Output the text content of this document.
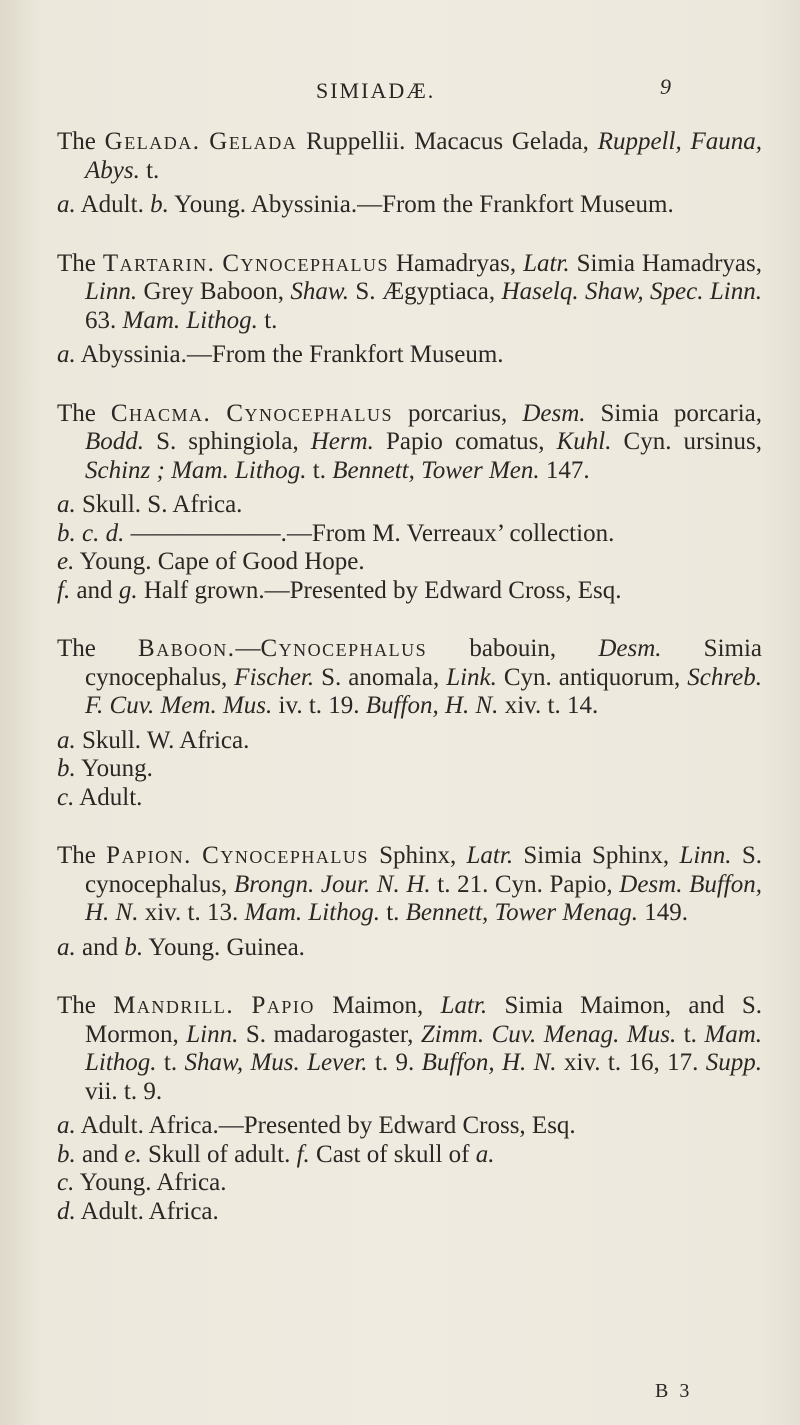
SIMIADÆ.	9

The Gelada. Gelada Ruppellii. Macacus Gelada, Ruppell, Fauna, Abys. t.

a. Adult. b. Young. Abyssinia.—From the Frankfort Museum.

The Tartarin. Cynocephalus Hamadryas, Latr. Simia Hamadryas, Linn. Grey Baboon, Shaw. S. Ægyptiaca, Haselq. Shaw, Spec. Linn. 63. Mam. Lithog. t.

a. Abyssinia.—From the Frankfort Museum.

The Chacma. Cynocephalus porcarius, Desm. Simia porcaria, Bodd. S. sphingiola, Herm. Papio comatus, Kuhl. Cyn. ursinus, Schinz ; Mam. Lithog. t. Bennett, Tower Men. 147.

a. Skull. S. Africa.

b. c. d. ——————.—From M. Verreaux’ collection.

e. Young. Cape of Good Hope.

f. and g. Half grown.—Presented by Edward Cross, Esq.

The Baboon.—Cynocephalus babouin, Desm. Simia cynocephalus, Fischer. S. anomala, Link. Cyn. antiquorum, Schreb. F. Cuv. Mem. Mus. iv. t. 19. Buffon, H. N. xiv. t. 14.

a. Skull. W. Africa.

b. Young.

c. Adult.

The Papion. Cynocephalus Sphinx, Latr. Simia Sphinx, Linn. S. cynocephalus, Brongn. Jour. N. H. t. 21. Cyn. Papio, Desm. Buffon, H. N. xiv. t. 13. Mam. Lithog. t. Bennett, Tower Menag. 149.

a. and b. Young. Guinea.

The Mandrill. Papio Maimon, Latr. Simia Maimon, and S. Mormon, Linn. S. madarogaster, Zimm. Cuv. Menag. Mus. t. Mam. Lithog. t. Shaw, Mus. Lever. t. 9. Buffon, H. N. xiv. t. 16, 17. Supp. vii. t. 9.

a. Adult. Africa.—Presented by Edward Cross, Esq.

b. and e. Skull of adult. f. Cast of skull of a.

c. Young. Africa.

d. Adult. Africa.

B 3
